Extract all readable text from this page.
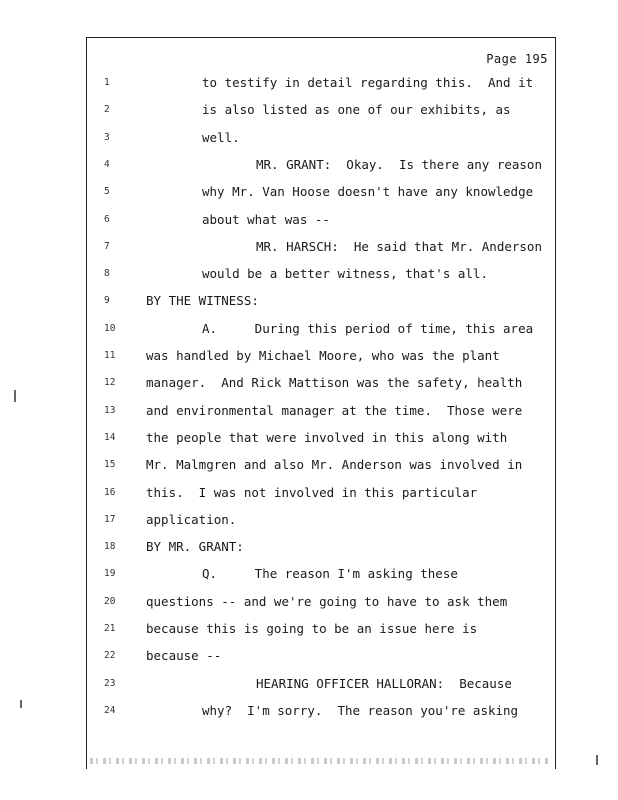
Page 195
1	to testify in detail regarding this.  And it
2	is also listed as one of our exhibits, as
3	well.
4	MR. GRANT:  Okay.  Is there any reason
5	why Mr. Van Hoose doesn't have any knowledge
6	about what was --
7	MR. HARSCH:  He said that Mr. Anderson
8	would be a better witness, that's all.
9	BY THE WITNESS:
10	A.     During this period of time, this area
11	was handled by Michael Moore, who was the plant
12	manager.  And Rick Mattison was the safety, health
13	and environmental manager at the time.  Those were
14	the people that were involved in this along with
15	Mr. Malmgren and also Mr. Anderson was involved in
16	this.  I was not involved in this particular
17	application.
18	BY MR. GRANT:
19	Q.     The reason I'm asking these
20	questions -- and we're going to have to ask them
21	because this is going to be an issue here is
22	because --
23	HEARING OFFICER HALLORAN:  Because
24	why?  I'm sorry.  The reason you're asking
